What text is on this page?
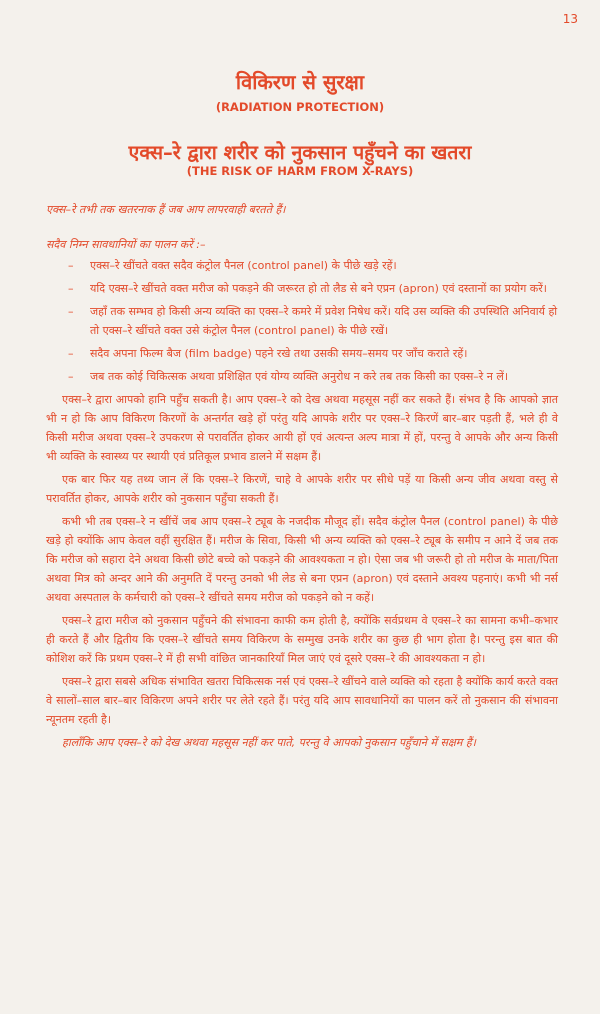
13
विकिरण से सुरक्षा
(RADIATION PROTECTION)
एक्स–रे द्वारा शरीर को नुकसान पहुँचने का खतरा
(THE RISK OF HARM FROM X-RAYS)

एक्स–रे तभी तक खतरनाक हैं जब आप लापरवाही बरतते हैं।

सदैव निम्न सावधानियों का पालन करें :–

– एक्स–रे खींचते वक्त सदैव कंट्रोल पैनल (control panel) के पीछे खड़े रहें।
– यदि एक्स–रे खींचते वक्त मरीज को पकड़ने की जरूरत हो तो लैड से बने एप्रन (apron) एवं दस्तानों का प्रयोग करें।
– जहाँ तक सम्भव हो किसी अन्य व्यक्ति का एक्स–रे कमरे में प्रवेश निषेध करें। यदि उस व्यक्ति की उपस्थिति अनिवार्य हो तो एक्स–रे खींचते वक्त उसे कंट्रोल पैनल (control panel) के पीछे रखें।
– सदैव अपना फिल्म बैज (film badge) पहने रखे तथा उसकी समय–समय पर जाँच कराते रहें।
– जब तक कोई चिकित्सक अथवा प्रशिक्षित एवं योग्य व्यक्ति अनुरोध न करे तब तक किसी का एक्स–रे न लें।

एक्स–रे द्वारा आपको हानि पहुँच सकती है। आप एक्स–रे को देख अथवा महसूस नहीं कर सकते हैं। संभव है कि आपको ज्ञात भी न हो कि आप विकिरण किरणों के अन्तर्गत खड़े हों परंतु यदि आपके शरीर पर एक्स–रे किरणें बार–बार पड़ती हैं, भले ही वे किसी मरीज अथवा एक्स–रे उपकरण से परावर्तित होकर आयी हों एवं अत्यन्त अल्प मात्रा में हों, परन्तु वे आपके और अन्य किसी भी व्यक्ति के स्वास्थ्य पर स्थायी एवं प्रतिकूल प्रभाव डालने में सक्षम हैं।

एक बार फिर यह तथ्य जान लें कि एक्स–रे किरणें, चाहे वे आपके शरीर पर सीधे पड़ें या किसी अन्य जीव अथवा वस्तु से परावर्तित होकर, आपके शरीर को नुकसान पहुँचा सकती हैं।

कभी भी तब एक्स–रे न खींचें जब आप एक्स–रे ट्यूब के नजदीक मौजूद हों। सदैव कंट्रोल पैनल (control panel) के पीछे खड़े हो क्योंकि आप केवल वहीं सुरक्षित हैं। मरीज के सिवा, किसी भी अन्य व्यक्ति को एक्स–रे ट्यूब के समीप न आने दें जब तक कि मरीज को सहारा देने अथवा किसी छोटे बच्चे को पकड़ने की आवश्यकता न हो। ऐसा जब भी जरूरी हो तो मरीज के माता/पिता अथवा मित्र को अन्दर आने की अनुमति दें परन्तु उनको भी लेड से बना एप्रन (apron) एवं दस्ताने अवश्य पहनाएं। कभी भी नर्स अथवा अस्पताल के कर्मचारी को एक्स–रे खींचते समय मरीज को पकड़ने को न कहें।

एक्स–रे द्वारा मरीज को नुकसान पहुँचने की संभावना काफी कम होती है, क्योंकि सर्वप्रथम वे एक्स–रे का सामना कभी–कभार ही करते हैं और द्वितीय कि एक्स–रे खींचते समय विकिरण के सम्मुख उनके शरीर का कुछ ही भाग होता है। परन्तु इस बात की कोशिश करें कि प्रथम एक्स–रे में ही सभी वांछित जानकारियाँ मिल जाएं एवं दूसरे एक्स–रे की आवश्यकता न हो।

एक्स–रे द्वारा सबसे अधिक संभावित खतरा चिकित्सक नर्स एवं एक्स–रे खींचने वाले व्यक्ति को रहता है क्योंकि कार्य करते वक्त वे सालों–साल बार–बार विकिरण अपने शरीर पर लेते रहते हैं। परंतु यदि आप सावधानियों का पालन करें तो नुकसान की संभावना न्यूनतम रहती है।

हालाँकि आप एक्स–रे को देख अथवा महसूस नहीं कर पाते, परन्तु वे आपको नुकसान पहुँचाने में सक्षम हैं।
